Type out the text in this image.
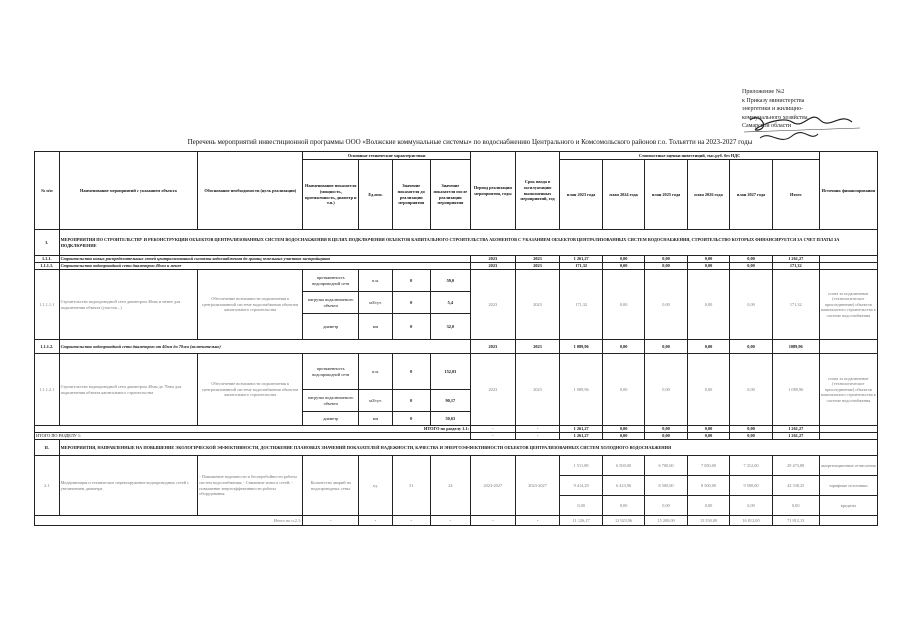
Приложение №2
к Приказу министерства
энергетики и жилищно-
коммунального хозяйства
Самарской области
Перечень мероприятий инвестиционной программы ООО «Волжские коммунальные системы» по водоснабжению Центрального и Комсомольского районов г.о. Тольятти на 2023-2027 годы
№ п/п	Наименование мероприятий с указанием объекта	Обоснование необходимости (цель реализации)	Основные технические характеристики				Период реализации мероприятия, годы	Срок ввода в эксплуатацию выполненных мероприятий, год	Стоимостные оценки инвестиций, тыс.руб. без НДС						Источник финансирования
			Наименование показателя (мощность, протяженность, диаметр и т.п.)	Ед.изм.	Значение показателя до реализации мероприятия	Значение показателя после реализации мероприятия			план 2023 года	план 2024 года	план 2025 года	план 2026 года	план 2027 года	Итого	

I.	МЕРОПРИЯТИЯ ПО СТРОИТЕЛЬСТВУ И РЕКОНСТРУКЦИИ ОБЪЕКТОВ ЦЕНТРАЛИЗОВАННЫХ СИСТЕМ ВОДОСНАБЖЕНИЯ В ЦЕЛЯХ ПОДКЛЮЧЕНИЯ ОБЪЕКТОВ КАПИТАЛЬНОГО СТРОИТЕЛЬСТВА АБОНЕНТОВ С УКАЗАНИЕМ ОБЪЕКТОВ ЦЕНТРАЛИЗОВАННЫХ СИСТЕМ ВОДОСНАБЖЕНИЯ, СТРОИТЕЛЬСТВО КОТОРЫХ ФИНАНСИРУЕТСЯ ЗА СЧЕТ ПЛАТЫ ЗА ПОДКЛЮЧЕНИЕ														
1.1.1.	Строительство новых распределительных сетей централизованной системы водоснабжения до границ земельных участков застройщиков						2023	2023	1 261,27	0,00	0,00	0,00	0,00	1 261,27	
1.1.1.1.	Строительство водопроводной сети диаметром 40мм и менее						2023	2023	171,32	0,00	0,00	0,00	0,00	171,32	
1.1.1.1.1	Строительство водопроводной сети диаметром 40мм и менее для подключения объекта (участок...)	Обеспечение возможности подключения к централизованной системе водоснабжения объектов капитального строительства	протяженность водопроводной сети	п.м.	0	59,0	2023	2023	171,32	0,00	0,00	0,00	0,00	171,32	плата за подключение (технологическое присоединение) объектов капитального строительства к системе водоснабжения
			нагрузка подключаемого объекта	м3/сут.	0	5,4									
			диаметр	мм	0	32,0									
1.1.1.2.	Строительство водопроводной сети диаметром от 40мм до 70мм (включительно)						2023	2023	1 089,96	0,00	0,00	0,00	0,00	1089,96	
1.1.1.2.1	Строительство водопроводной сети диаметром 40мм до 70мм для подключения объекта капитального строительства	Обеспечение возможности подключения к централизованной системе водоснабжения объектов капитального строительства	протяженность водопроводной сети	п.м.	0	152,03	2023	2023	1 089,96	0,00	0,00	0,00	0,00	1 089,96	плата за подключение (технологическое присоединение) объектов капитального строительства к системе водоснабжения
			нагрузка подключаемого объекта	м3/сут.	0	90,17									
			диаметр	мм	0	50,63									
ИТОГО по разделу 1.1:							-	-	1 261,27	0,00	0,00	0,00	0,00	1 261,27	
ИТОГО ПО РАЗДЕЛУ 1:							-	-	1 261,27	0,00	0,00	0,00	0,00	1 261,27	
II.	МЕРОПРИЯТИЯ, НАПРАВЛЕННЫЕ НА ПОВЫШЕНИЕ ЭКОЛОГИЧЕСКОЙ ЭФФЕКТИВНОСТИ, ДОСТИЖЕНИЕ ПЛАНОВЫХ ЗНАЧЕНИЙ ПОКАЗАТЕЛЕЙ НАДЕЖНОСТИ, КАЧЕСТВА И ЭНЕРГОЭФФЕКТИВНОСТИ ОБЪЕКТОВ ЦЕНТРАЛИЗОВАННЫХ СИСТЕМ ХОЛОДНОГО ВОДОСНАБЖЕНИЯ														
2.1	Модернизация и техническое перевооружение водопроводных сетей с увеличением диаметра	- Повышение надежности и бесперебойности работы систем водоснабжения; - Снижение износа сетей; - повышение энергоэффективности работы оборудования	Количество аварий на водопроводных сетях	ед.	31	24	2023-2027	2023-2027	1 511,88	6 500,00	6 700,00	7 050,00	7 312,00	29 473,88	амортизационные отчисления
									9 414,29	6 423,96	8 500,00	8 500,00	9 500,00	42 338,25	тарифные источники
									0,00	0,00	0,00	0,00	0,00	0,00	кредиты
Итого по п.2.1:			-	-	-	-	-	-	11 126,17	12 923,96	15 200,00	15 550,00	16 812,00	71 812,13	
